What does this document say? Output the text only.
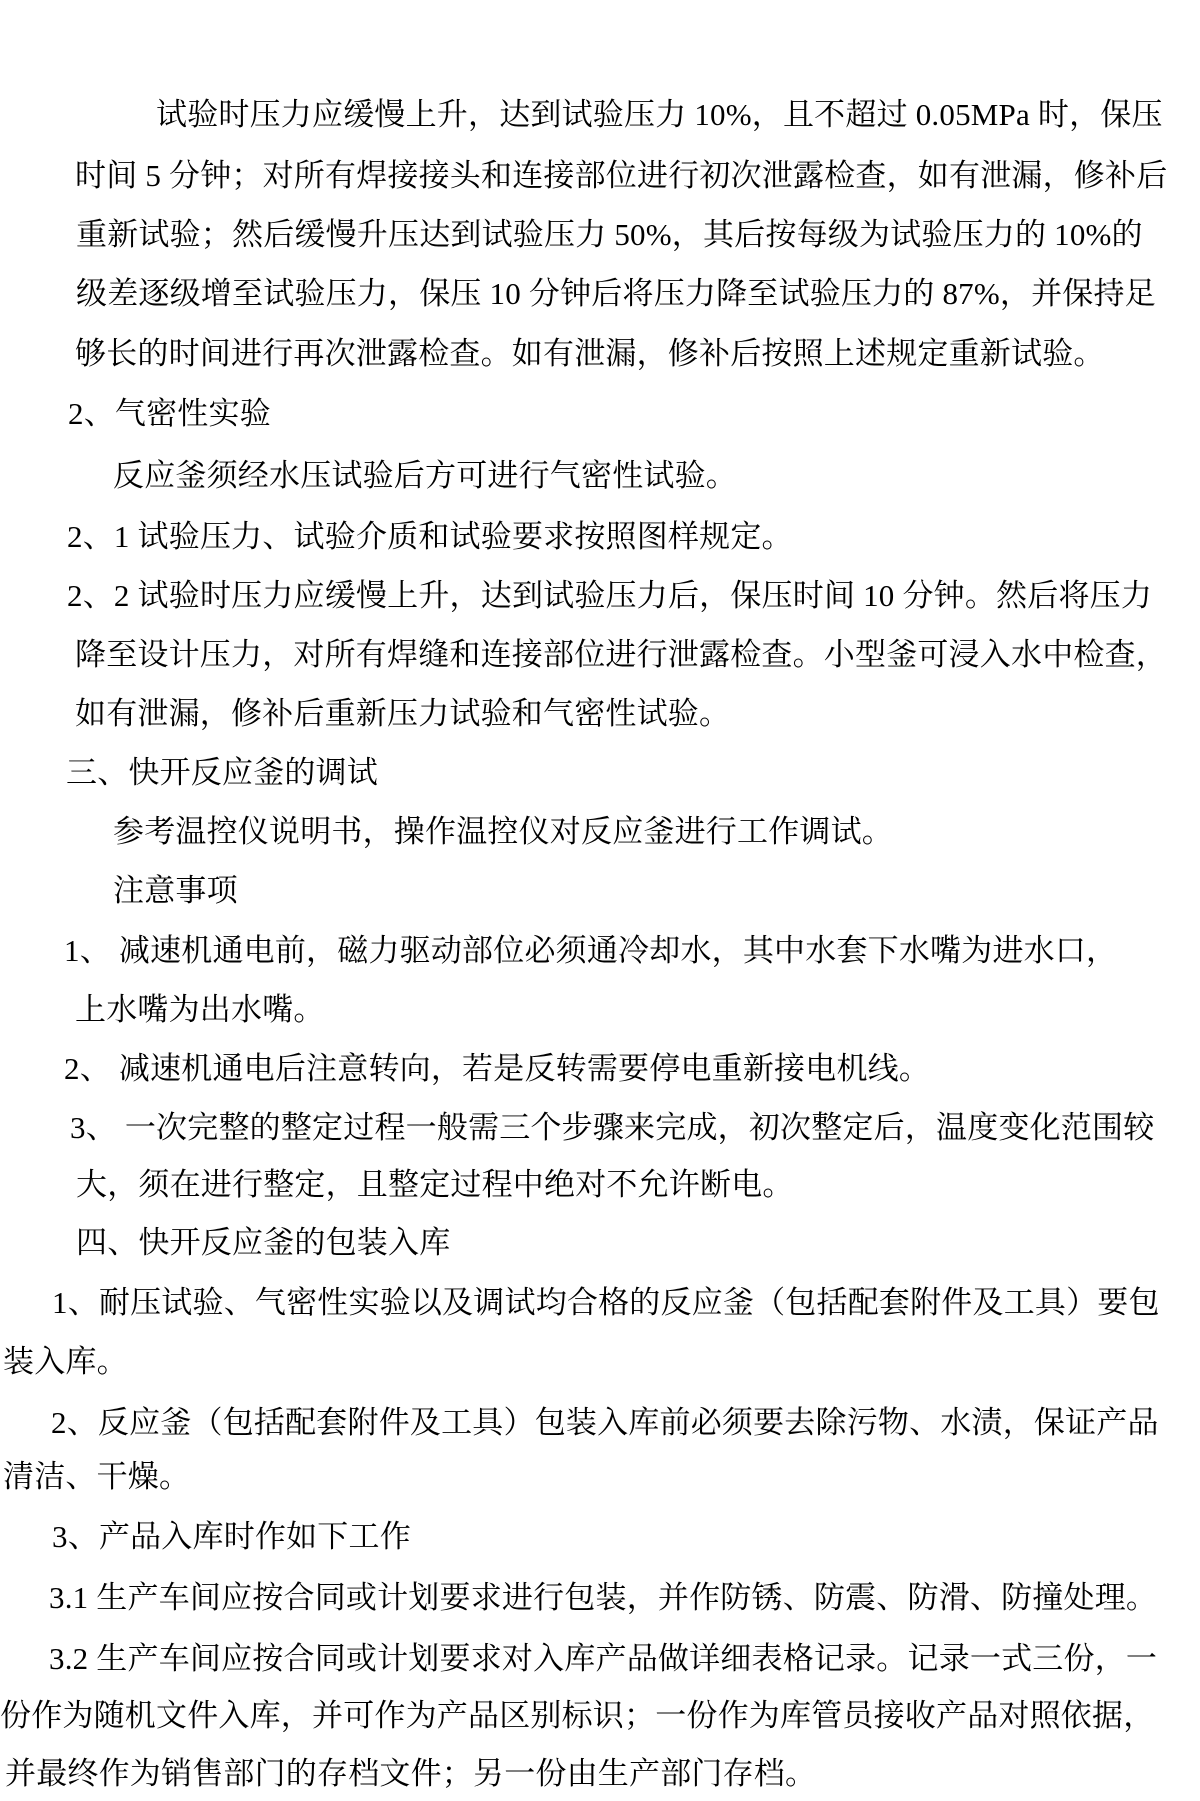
试验时压力应缓慢上升，达到试验压力 10%，且不超过 0.05MPa 时，保压
时间 5 分钟；对所有焊接接头和连接部位进行初次泄露检查，如有泄漏，修补后
重新试验；然后缓慢升压达到试验压力 50%，其后按每级为试验压力的 10%的
级差逐级增至试验压力，保压 10 分钟后将压力降至试验压力的 87%，并保持足
够长的时间进行再次泄露检查。如有泄漏，修补后按照上述规定重新试验。
2、气密性实验
反应釜须经水压试验后方可进行气密性试验。
2、1 试验压力、试验介质和试验要求按照图样规定。
2、2 试验时压力应缓慢上升，达到试验压力后，保压时间 10 分钟。然后将压力
降至设计压力，对所有焊缝和连接部位进行泄露检查。小型釜可浸入水中检查，
如有泄漏，修补后重新压力试验和气密性试验。
三、快开反应釜的调试
参考温控仪说明书，操作温控仪对反应釜进行工作调试。
注意事项
1、 减速机通电前，磁力驱动部位必须通冷却水，其中水套下水嘴为进水口，
上水嘴为出水嘴。
2、 减速机通电后注意转向，若是反转需要停电重新接电机线。
3、 一次完整的整定过程一般需三个步骤来完成，初次整定后，温度变化范围较
大，须在进行整定，且整定过程中绝对不允许断电。
四、快开反应釜的包装入库
1、耐压试验、气密性实验以及调试均合格的反应釜（包括配套附件及工具）要包
装入库。
2、反应釜（包括配套附件及工具）包装入库前必须要去除污物、水渍，保证产品
清洁、干燥。
3、产品入库时作如下工作
3.1 生产车间应按合同或计划要求进行包装，并作防锈、防震、防滑、防撞处理。
3.2 生产车间应按合同或计划要求对入库产品做详细表格记录。记录一式三份，一
份作为随机文件入库，并可作为产品区别标识；一份作为库管员接收产品对照依据，
并最终作为销售部门的存档文件；另一份由生产部门存档。
